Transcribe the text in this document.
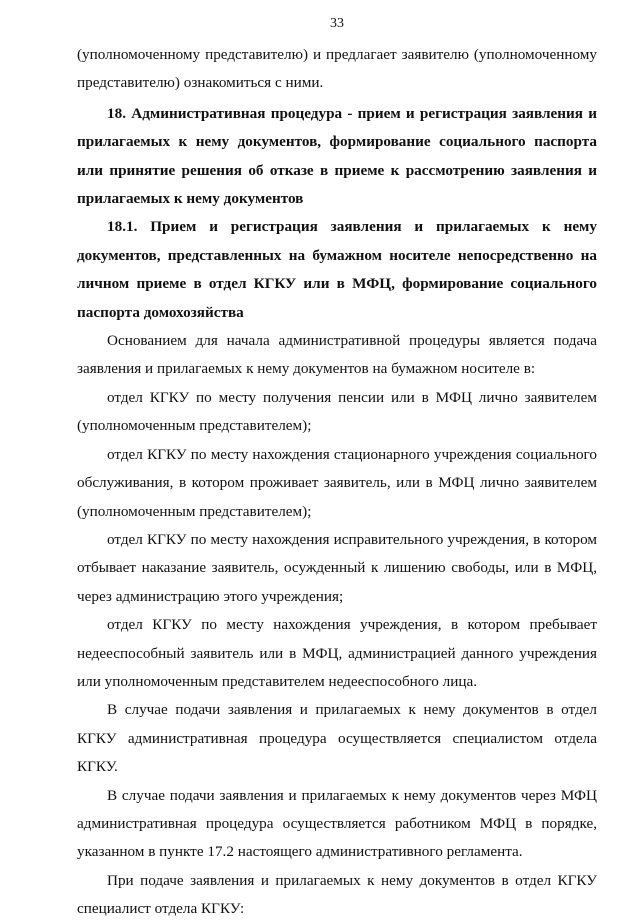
33

(уполномоченному представителю) и предлагает заявителю (уполномоченному представителю) ознакомиться с ними.

18. Административная процедура - прием и регистрация заявления и прилагаемых к нему документов, формирование социального паспорта или принятие решения об отказе в приеме к рассмотрению заявления и прилагаемых к нему документов

18.1. Прием и регистрация заявления и прилагаемых к нему документов, представленных на бумажном носителе непосредственно на личном приеме в отдел КГКУ или в МФЦ, формирование социального паспорта домохозяйства

Основанием для начала административной процедуры является подача заявления и прилагаемых к нему документов на бумажном носителе в:

отдел КГКУ по месту получения пенсии или в МФЦ лично заявителем (уполномоченным представителем);

отдел КГКУ по месту нахождения стационарного учреждения социального обслуживания, в котором проживает заявитель, или в МФЦ лично заявителем (уполномоченным представителем);

отдел КГКУ по месту нахождения исправительного учреждения, в котором отбывает наказание заявитель, осужденный к лишению свободы, или в МФЦ, через администрацию этого учреждения;

отдел КГКУ по месту нахождения учреждения, в котором пребывает недееспособный заявитель или в МФЦ, администрацией данного учреждения или уполномоченным представителем недееспособного лица.

В случае подачи заявления и прилагаемых к нему документов в отдел КГКУ административная процедура осуществляется специалистом отдела КГКУ.

В случае подачи заявления и прилагаемых к нему документов через МФЦ административная процедура осуществляется работником МФЦ в порядке, указанном в пункте 17.2 настоящего административного регламента.

При подаче заявления и прилагаемых к нему документов в отдел КГКУ специалист отдела КГКУ:
